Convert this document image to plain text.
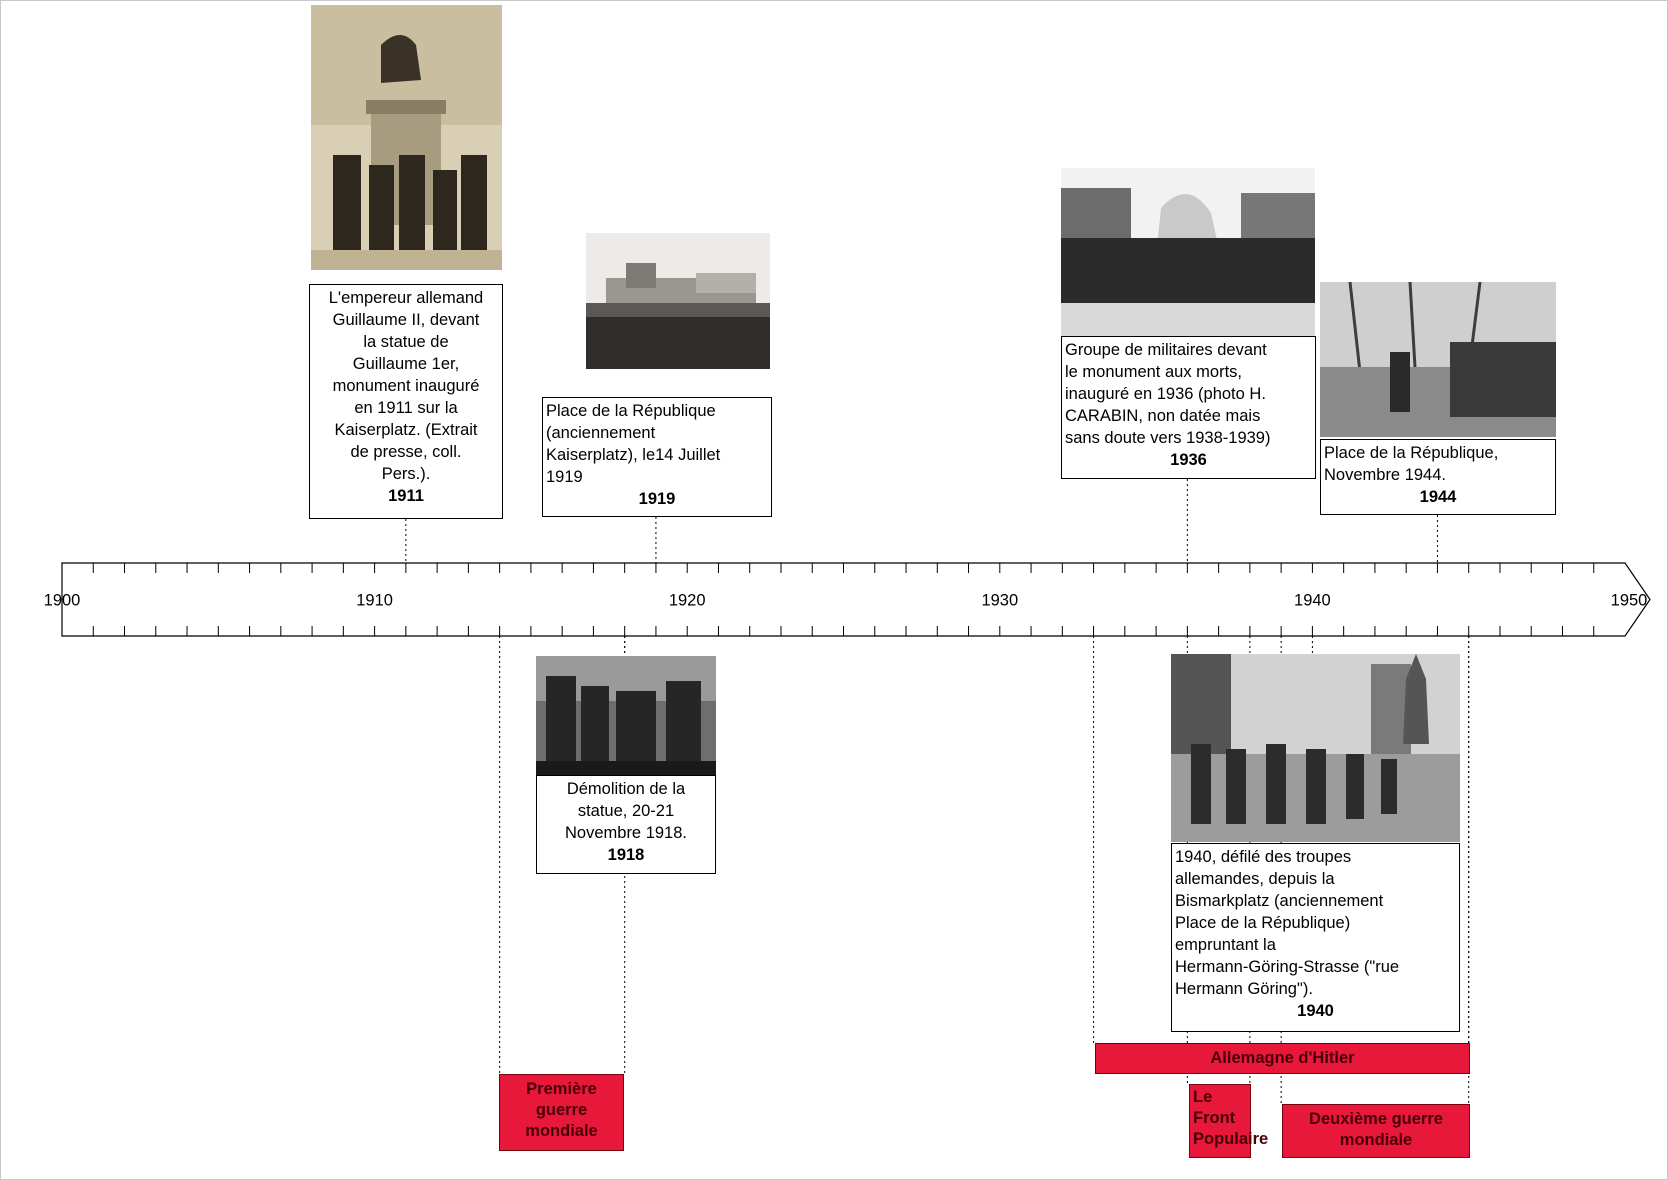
1900	1910	1920	1930	1940	1950
L'empereur allemand
Guillaume II, devant
la statue de
Guillaume 1er,
monument inauguré
en 1911 sur la
Kaiserplatz. (Extrait
de presse, coll.
Pers.).
1911
Place de la République
(anciennement
Kaiserplatz), le14 Juillet
1919
1919
Groupe de militaires devant
le monument aux morts,
inauguré en 1936 (photo H.
CARABIN, non datée mais
sans doute vers 1938-1939)
1936	Place de la République,
Novembre 1944.
1944
Démolition de la
statue, 20-21
Novembre 1918.
1918	1940, défilé des troupes
allemandes, depuis la
Bismarkplatz (anciennement
Place de la République)
empruntant la
Hermann-Göring-Strasse ("rue
Hermann Göring").
1940
Première
guerre
mondiale
Allemagne d'Hitler
Le
Front
Populaire
Deuxième guerre
mondiale
